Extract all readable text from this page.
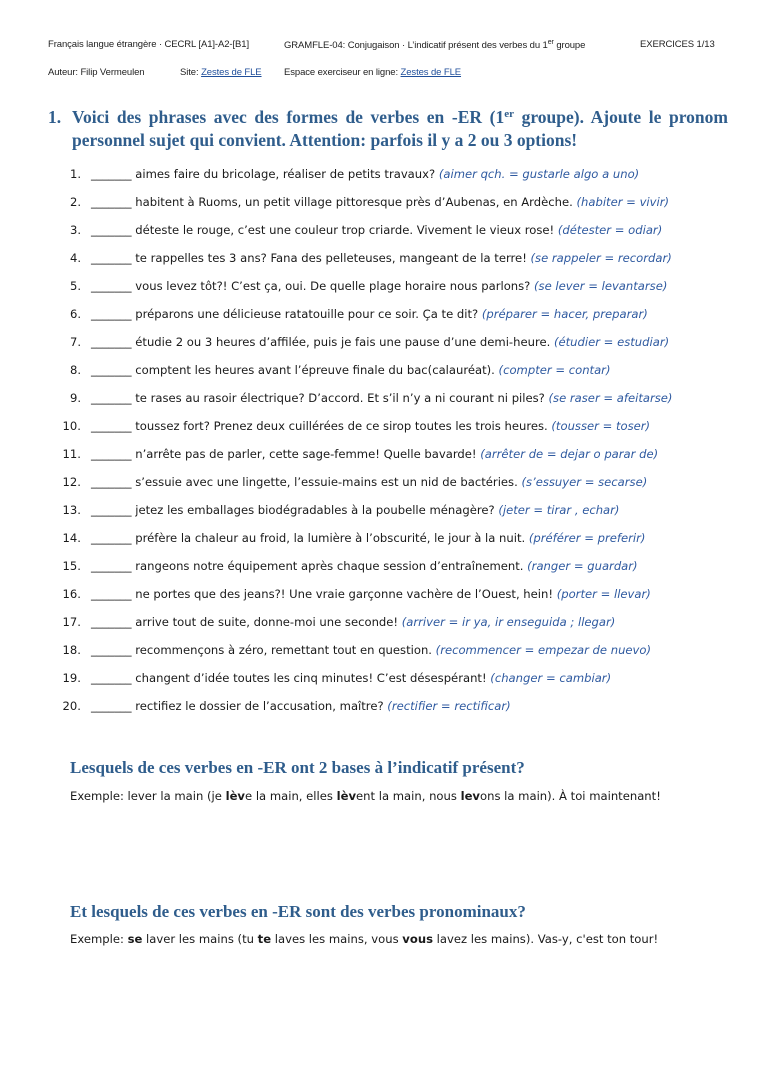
Français langue étrangère · CECRL [A1]-A2-[B1]	GRAMFLE-04: Conjugaison · L’indicatif présent des verbes du 1er groupe	EXERCICES 1/13
Auteur: Filip Vermeulen	Site: Zestes de FLE Espace exerciseur en ligne: Zestes de FLE
1. Voici des phrases avec des formes de verbes en -ER (1er groupe). Ajoute le pronom personnel sujet qui convient. Attention: parfois il y a 2 ou 3 options!
1. _______ aimes faire du bricolage, réaliser de petits travaux? (aimer qch. = gustarle algo a uno)
2. _______ habitent à Ruoms, un petit village pittoresque près d’Aubenas, en Ardèche. (habiter = vivir)
3. _______ déteste le rouge, c’est une couleur trop criarde. Vivement le vieux rose! (détester = odiar)
4. _______ te rappelles tes 3 ans? Fana des pelleteuses, mangeant de la terre! (se rappeler = recordar)
5. _______ vous levez tôt?! C’est ça, oui. De quelle plage horaire nous parlons? (se lever = levantarse)
6. _______ préparons une délicieuse ratatouille pour ce soir. Ça te dit? (préparer = hacer, preparar)
7. _______ étudie 2 ou 3 heures d’affilée, puis je fais une pause d’une demi-heure. (étudier = estudiar)
8. _______ comptent les heures avant l’épreuve finale du bac(calauréat). (compter = contar)
9. _______ te rases au rasoir électrique? D’accord. Et s’il n’y a ni courant ni piles? (se raser = afeitarse)
10. _______ toussez fort? Prenez deux cuillérées de ce sirop toutes les trois heures. (tousser = toser)
11. _______ n’arrête pas de parler, cette sage-femme! Quelle bavarde! (arrêter de = dejar o parar de)
12. _______ s’essuie avec une lingette, l’essuie-mains est un nid de bactéries. (s’essuyer = secarse)
13. _______ jetez les emballages biodégradables à la poubelle ménagère? (jeter = tirar , echar)
14. _______ préfère la chaleur au froid, la lumière à l’obscurité, le jour à la nuit. (préférer = preferir)
15. _______ rangeons notre équipement après chaque session d’entraînement. (ranger = guardar)
16. _______ ne portes que des jeans?! Une vraie garçonne vachère de l’Ouest, hein! (porter = llevar)
17. _______ arrive tout de suite, donne-moi une seconde! (arriver = ir ya, ir enseguida ; llegar)
18. _______ recommençons à zéro, remettant tout en question. (recommencer = empezar de nuevo)
19. _______ changent d’idée toutes les cinq minutes! C’est désespérant! (changer = cambiar)
20. _______ rectifiez le dossier de l’accusation, maître? (rectifier = rectificar)
Lesquels de ces verbes en -ER ont 2 bases à l’indicatif présent?
Exemple: lever la main (je lève la main, elles lèvent la main, nous levons la main). À toi maintenant!
Et lesquels de ces verbes en -ER sont des verbes pronominaux?
Exemple: se laver les mains (tu te laves les mains, vous vous lavez les mains). Vas-y, c'est ton tour!
